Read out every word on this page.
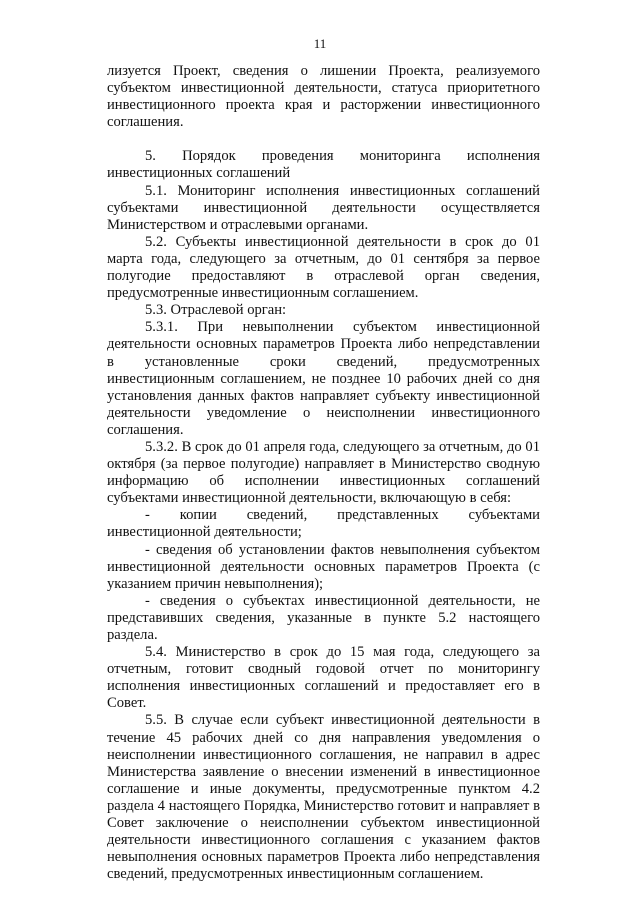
11

лизуется Проект, сведения о лишении Проекта, реализуемого субъектом инвестиционной деятельности, статуса приоритетного инвестиционного проекта края и расторжении инвестиционного соглашения.

5. Порядок проведения мониторинга исполнения инвестиционных соглашений

5.1. Мониторинг исполнения инвестиционных соглашений субъектами инвестиционной деятельности осуществляется Министерством и отраслевыми органами.

5.2. Субъекты инвестиционной деятельности в срок до 01 марта года, следующего за отчетным, до 01 сентября за первое полугодие предоставляют в отраслевой орган сведения, предусмотренные инвестиционным соглашением.

5.3. Отраслевой орган:

5.3.1. При невыполнении субъектом инвестиционной деятельности основных параметров Проекта либо непредставлении в установленные сроки сведений, предусмотренных инвестиционным соглашением, не позднее 10 рабочих дней со дня установления данных фактов направляет субъекту инвестиционной деятельности уведомление о неисполнении инвестиционного соглашения.

5.3.2. В срок до 01 апреля года, следующего за отчетным, до 01 октября (за первое полугодие) направляет в Министерство сводную информацию об исполнении инвестиционных соглашений субъектами инвестиционной деятельности, включающую в себя:

- копии сведений, представленных субъектами инвестиционной деятельности;

- сведения об установлении фактов невыполнения субъектом инвестиционной деятельности основных параметров Проекта (с указанием причин невыполнения);

- сведения о субъектах инвестиционной деятельности, не представивших сведения, указанные в пункте 5.2 настоящего раздела.

5.4. Министерство в срок до 15 мая года, следующего за отчетным, готовит сводный годовой отчет по мониторингу исполнения инвестиционных соглашений и предоставляет его в Совет.

5.5. В случае если субъект инвестиционной деятельности в течение 45 рабочих дней со дня направления уведомления о неисполнении инвестиционного соглашения, не направил в адрес Министерства заявление о внесении изменений в инвестиционное соглашение и иные документы, предусмотренные пунктом 4.2 раздела 4 настоящего Порядка, Министерство готовит и направляет в Совет заключение о неисполнении субъектом инвестиционной деятельности инвестиционного соглашения с указанием фактов невыполнения основных параметров Проекта либо непредставления сведений, предусмотренных инвестиционным соглашением.
